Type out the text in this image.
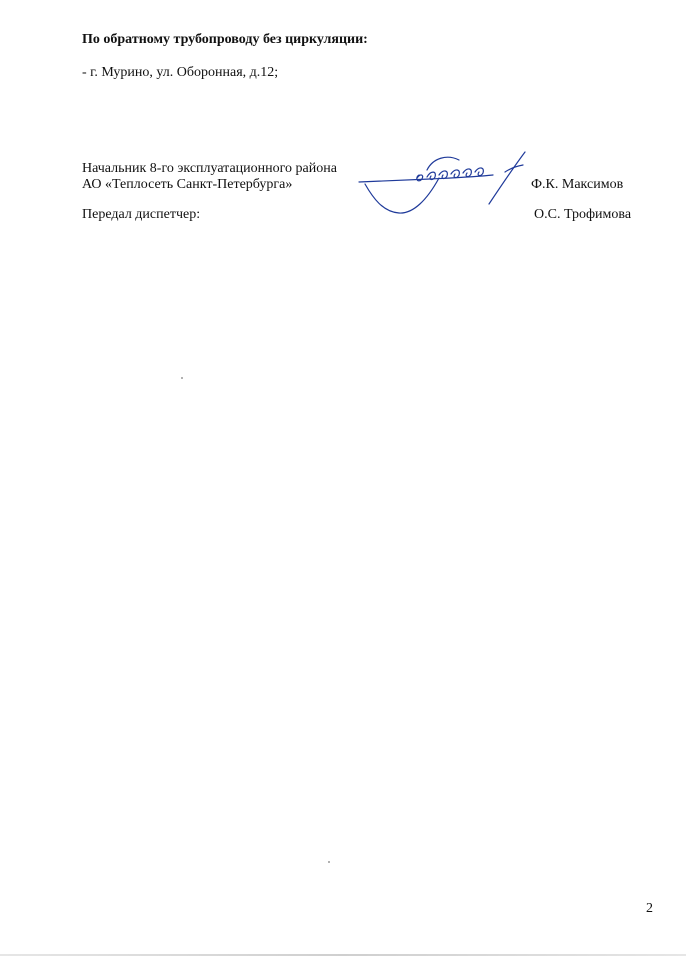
По обратному трубопроводу без циркуляции:
- г. Мурино, ул. Оборонная, д.12;
Начальник 8-го эксплуатационного района
АО «Теплосеть Санкт-Петербурга»	Ф.К. Максимов
Передал диспетчер:	О.С. Трофимова
2
